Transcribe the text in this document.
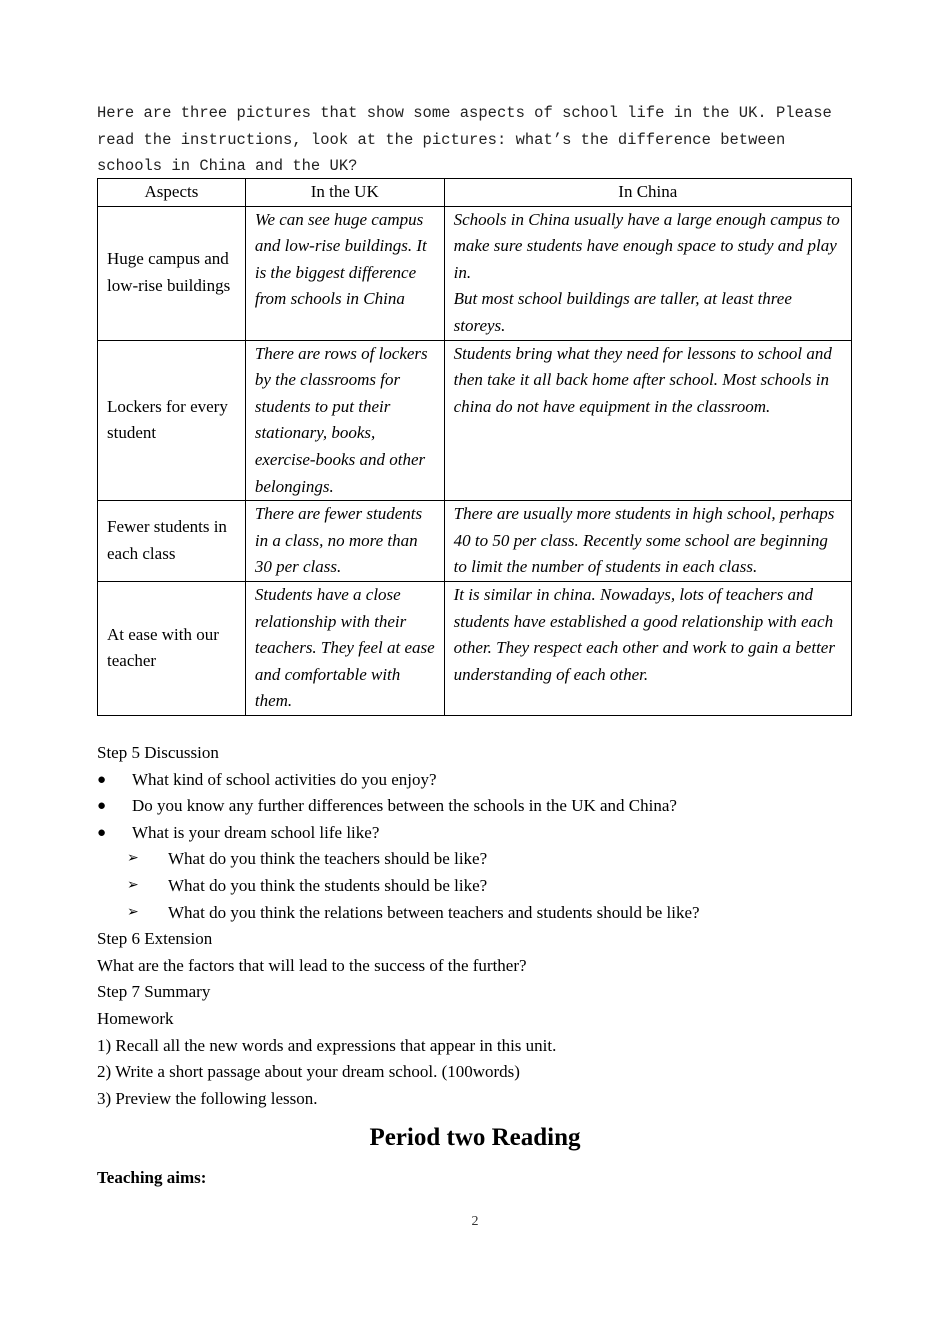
Here are three pictures that show some aspects of school life in the UK. Please read the instructions, look at the pictures: what’s the difference between schools in China and the UK?
Aspects	In the UK	In China
Huge campus and low-rise buildings	We can see huge campus and low-rise buildings. It is the biggest difference from schools in China	Schools in China usually have a large enough campus to make sure students have enough space to study and play in.
But most school buildings are taller, at least three storeys.

Lockers for every student	There are rows of lockers by the classrooms for students to put their stationary, books, exercise-books and other belongings.	Students bring what they need for lessons to school and then take it all back home after school. Most schools in china do not have equipment in the classroom.
Fewer students in each class	There are fewer students in a class, no more than 30 per class.	There are usually more students in high school, perhaps 40 to 50 per class. Recently some school are beginning to limit the number of students in each class.
At ease with our teacher	Students have a close relationship with their teachers. They feel at ease and comfortable with them.	It is similar in china. Nowadays, lots of teachers and students have established a good relationship with each other. They respect each other and work to gain a better understanding of each other.
Step 5 Discussion
●	What kind of school activities do you enjoy?
●	Do you know any further differences between the schools in the UK and China?
●	What is your dream school life like?
➢	What do you think the teachers should be like?
➢	What do you think the students should be like?
➢	What do you think the relations between teachers and students should be like?
Step 6 Extension
What are the factors that will lead to the success of the further?
Step 7 Summary
Homework
1) Recall all the new words and expressions that appear in this unit.
2) Write a short passage about your dream school. (100words)
3) Preview the following lesson.
Period two Reading
Teaching aims:
2
